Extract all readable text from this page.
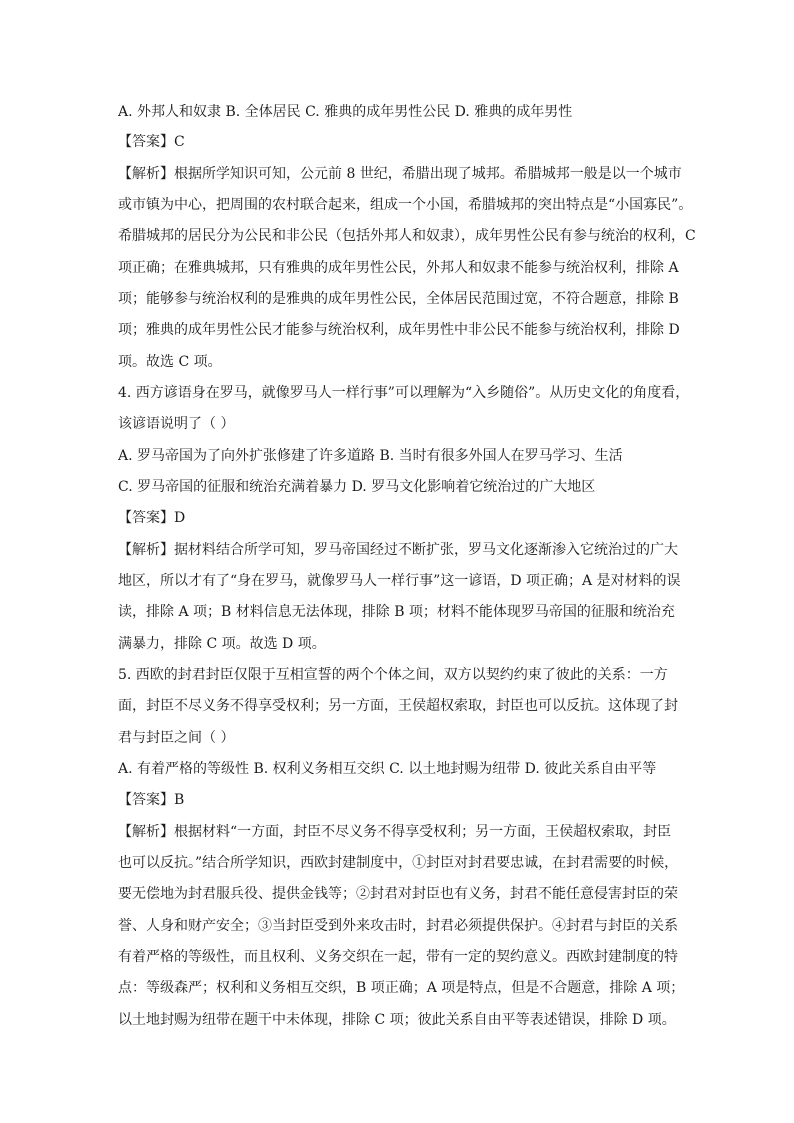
A. 外邦人和奴隶 B. 全体居民 C. 雅典的成年男性公民 D. 雅典的成年男性
【答案】C
【解析】根据所学知识可知，公元前 8 世纪，希腊出现了城邦。希腊城邦一般是以一个城市
或市镇为中心，把周围的农村联合起来，组成一个小国，希腊城邦的突出特点是“小国寡民”。
希腊城邦的居民分为公民和非公民（包括外邦人和奴隶），成年男性公民有参与统治的权利，C
项正确；在雅典城邦，只有雅典的成年男性公民，外邦人和奴隶不能参与统治权利，排除 A
项；能够参与统治权利的是雅典的成年男性公民，全体居民范围过宽，不符合题意，排除 B
项；雅典的成年男性公民才能参与统治权利，成年男性中非公民不能参与统治权利，排除 D
项。故选 C 项。
4. 西方谚语身在罗马，就像罗马人一样行事”可以理解为“入乡随俗”。从历史文化的角度看，
该谚语说明了（ ）
A. 罗马帝国为了向外扩张修建了许多道路 B. 当时有很多外国人在罗马学习、生活
C. 罗马帝国的征服和统治充满着暴力 D. 罗马文化影响着它统治过的广大地区
【答案】D
【解析】据材料结合所学可知，罗马帝国经过不断扩张，罗马文化逐渐渗入它统治过的广大
地区，所以才有了“身在罗马，就像罗马人一样行事”这一谚语，D 项正确；A 是对材料的误
读，排除 A 项；B 材料信息无法体现，排除 B 项；材料不能体现罗马帝国的征服和统治充
满暴力，排除 C 项。故选 D 项。
5. 西欧的封君封臣仅限于互相宣誓的两个个体之间，双方以契约约束了彼此的关系：一方
面，封臣不尽义务不得享受权利；另一方面，王侯超权索取，封臣也可以反抗。这体现了封
君与封臣之间（ ）
A. 有着严格的等级性 B. 权利义务相互交织 C. 以土地封赐为纽带 D. 彼此关系自由平等
【答案】B
【解析】根据材料“一方面，封臣不尽义务不得享受权利；另一方面，王侯超权索取，封臣
也可以反抗。”结合所学知识，西欧封建制度中，①封臣对封君要忠诚，在封君需要的时候，
要无偿地为封君服兵役、提供金钱等；②封君对封臣也有义务，封君不能任意侵害封臣的荣
誉、人身和财产安全；③当封臣受到外来攻击时，封君必须提供保护。④封君与封臣的关系
有着严格的等级性，而且权利、义务交织在一起，带有一定的契约意义。西欧封建制度的特
点：等级森严；权利和义务相互交织，B 项正确；A 项是特点，但是不合题意，排除 A 项；
以土地封赐为纽带在题干中未体现，排除 C 项；彼此关系自由平等表述错误，排除 D 项。
